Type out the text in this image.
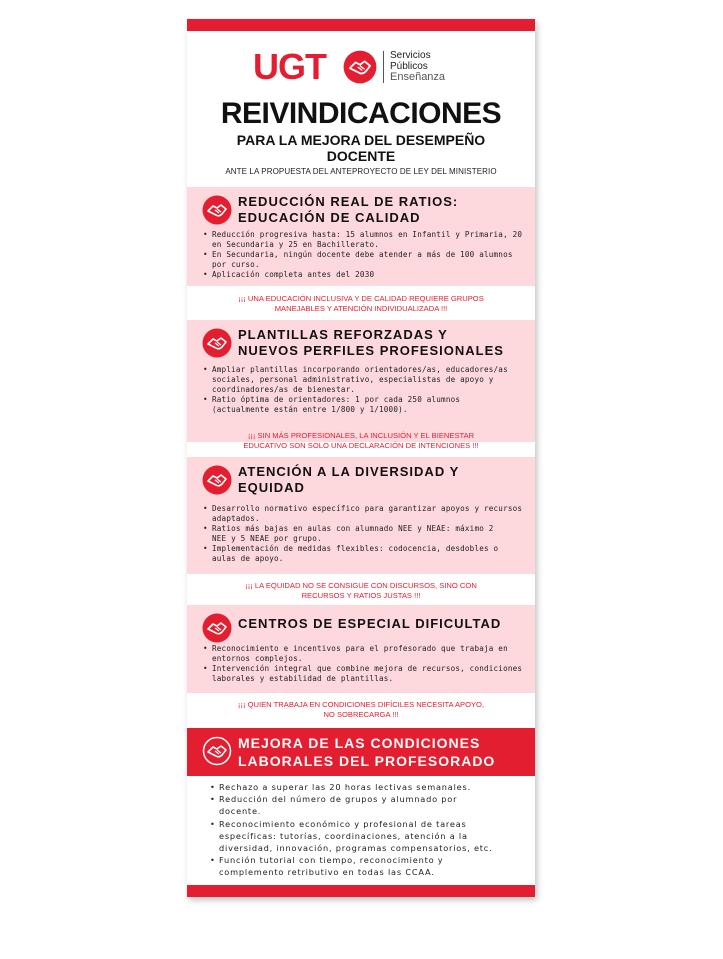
UGT	Servicios
Públicos
Enseñanza
REIVINDICACIONES
PARA LA MEJORA DEL DESEMPEÑO
DOCENTE
ANTE LA PROPUESTA DEL ANTEPROYECTO DE LEY DEL MINISTERIO
REDUCCIÓN REAL DE RATIOS:
EDUCACIÓN DE CALIDAD
• Reducción progresiva hasta: 15 alumnos en Infantil y Primaria, 20
en Secundaria y 25 en Bachillerato.
• En Secundaria, ningún docente debe atender a más de 100 alumnos
por curso.
• Aplicación completa antes del 2030
¡¡¡ UNA EDUCACIÓN INCLUSIVA Y DE CALIDAD REQUIERE GRUPOS
MANEJABLES Y ATENCIÓN INDIVIDUALIZADA !!!
PLANTILLAS REFORZADAS Y
NUEVOS PERFILES PROFESIONALES
• Ampliar plantillas incorporando orientadores/as, educadores/as
sociales, personal administrativo, especialistas de apoyo y
coordinadores/as de bienestar.
• Ratio óptima de orientadores: 1 por cada 250 alumnos
(actualmente están entre 1/800 y 1/1000).
¡¡¡ SIN MÁS PROFESIONALES, LA INCLUSIÓN Y EL BIENESTAR
EDUCATIVO SON SOLO UNA DECLARACIÓN DE INTENCIONES !!!
ATENCIÓN A LA DIVERSIDAD Y
EQUIDAD
• Desarrollo normativo específico para garantizar apoyos y recursos
adaptados.
• Ratios más bajas en aulas con alumnado NEE y NEAE: máximo 2
NEE y 5 NEAE por grupo.
• Implementación de medidas flexibles: codocencia, desdobles o
aulas de apoyo.
¡¡¡ LA EQUIDAD NO SE CONSIGUE CON DISCURSOS, SINO CON
RECURSOS Y RATIOS JUSTAS !!!
CENTROS DE ESPECIAL DIFICULTAD
• Reconocimiento e incentivos para el profesorado que trabaja en
entornos complejos.
• Intervención integral que combine mejora de recursos, condiciones
laborales y estabilidad de plantillas.
¡¡¡ QUIEN TRABAJA EN CONDICIONES DIFÍCILES NECESITA APOYO,
NO SOBRECARGA !!!
MEJORA DE LAS CONDICIONES
LABORALES DEL PROFESORADO
• Rechazo a superar las 20 horas lectivas semanales.
• Reducción del número de grupos y alumnado por
docente.
• Reconocimiento económico y profesional de tareas
específicas: tutorías, coordinaciones, atención a la
diversidad, innovación, programas compensatorios, etc.
• Función tutorial con tiempo, reconocimiento y
complemento retributivo en todas las CCAA.
